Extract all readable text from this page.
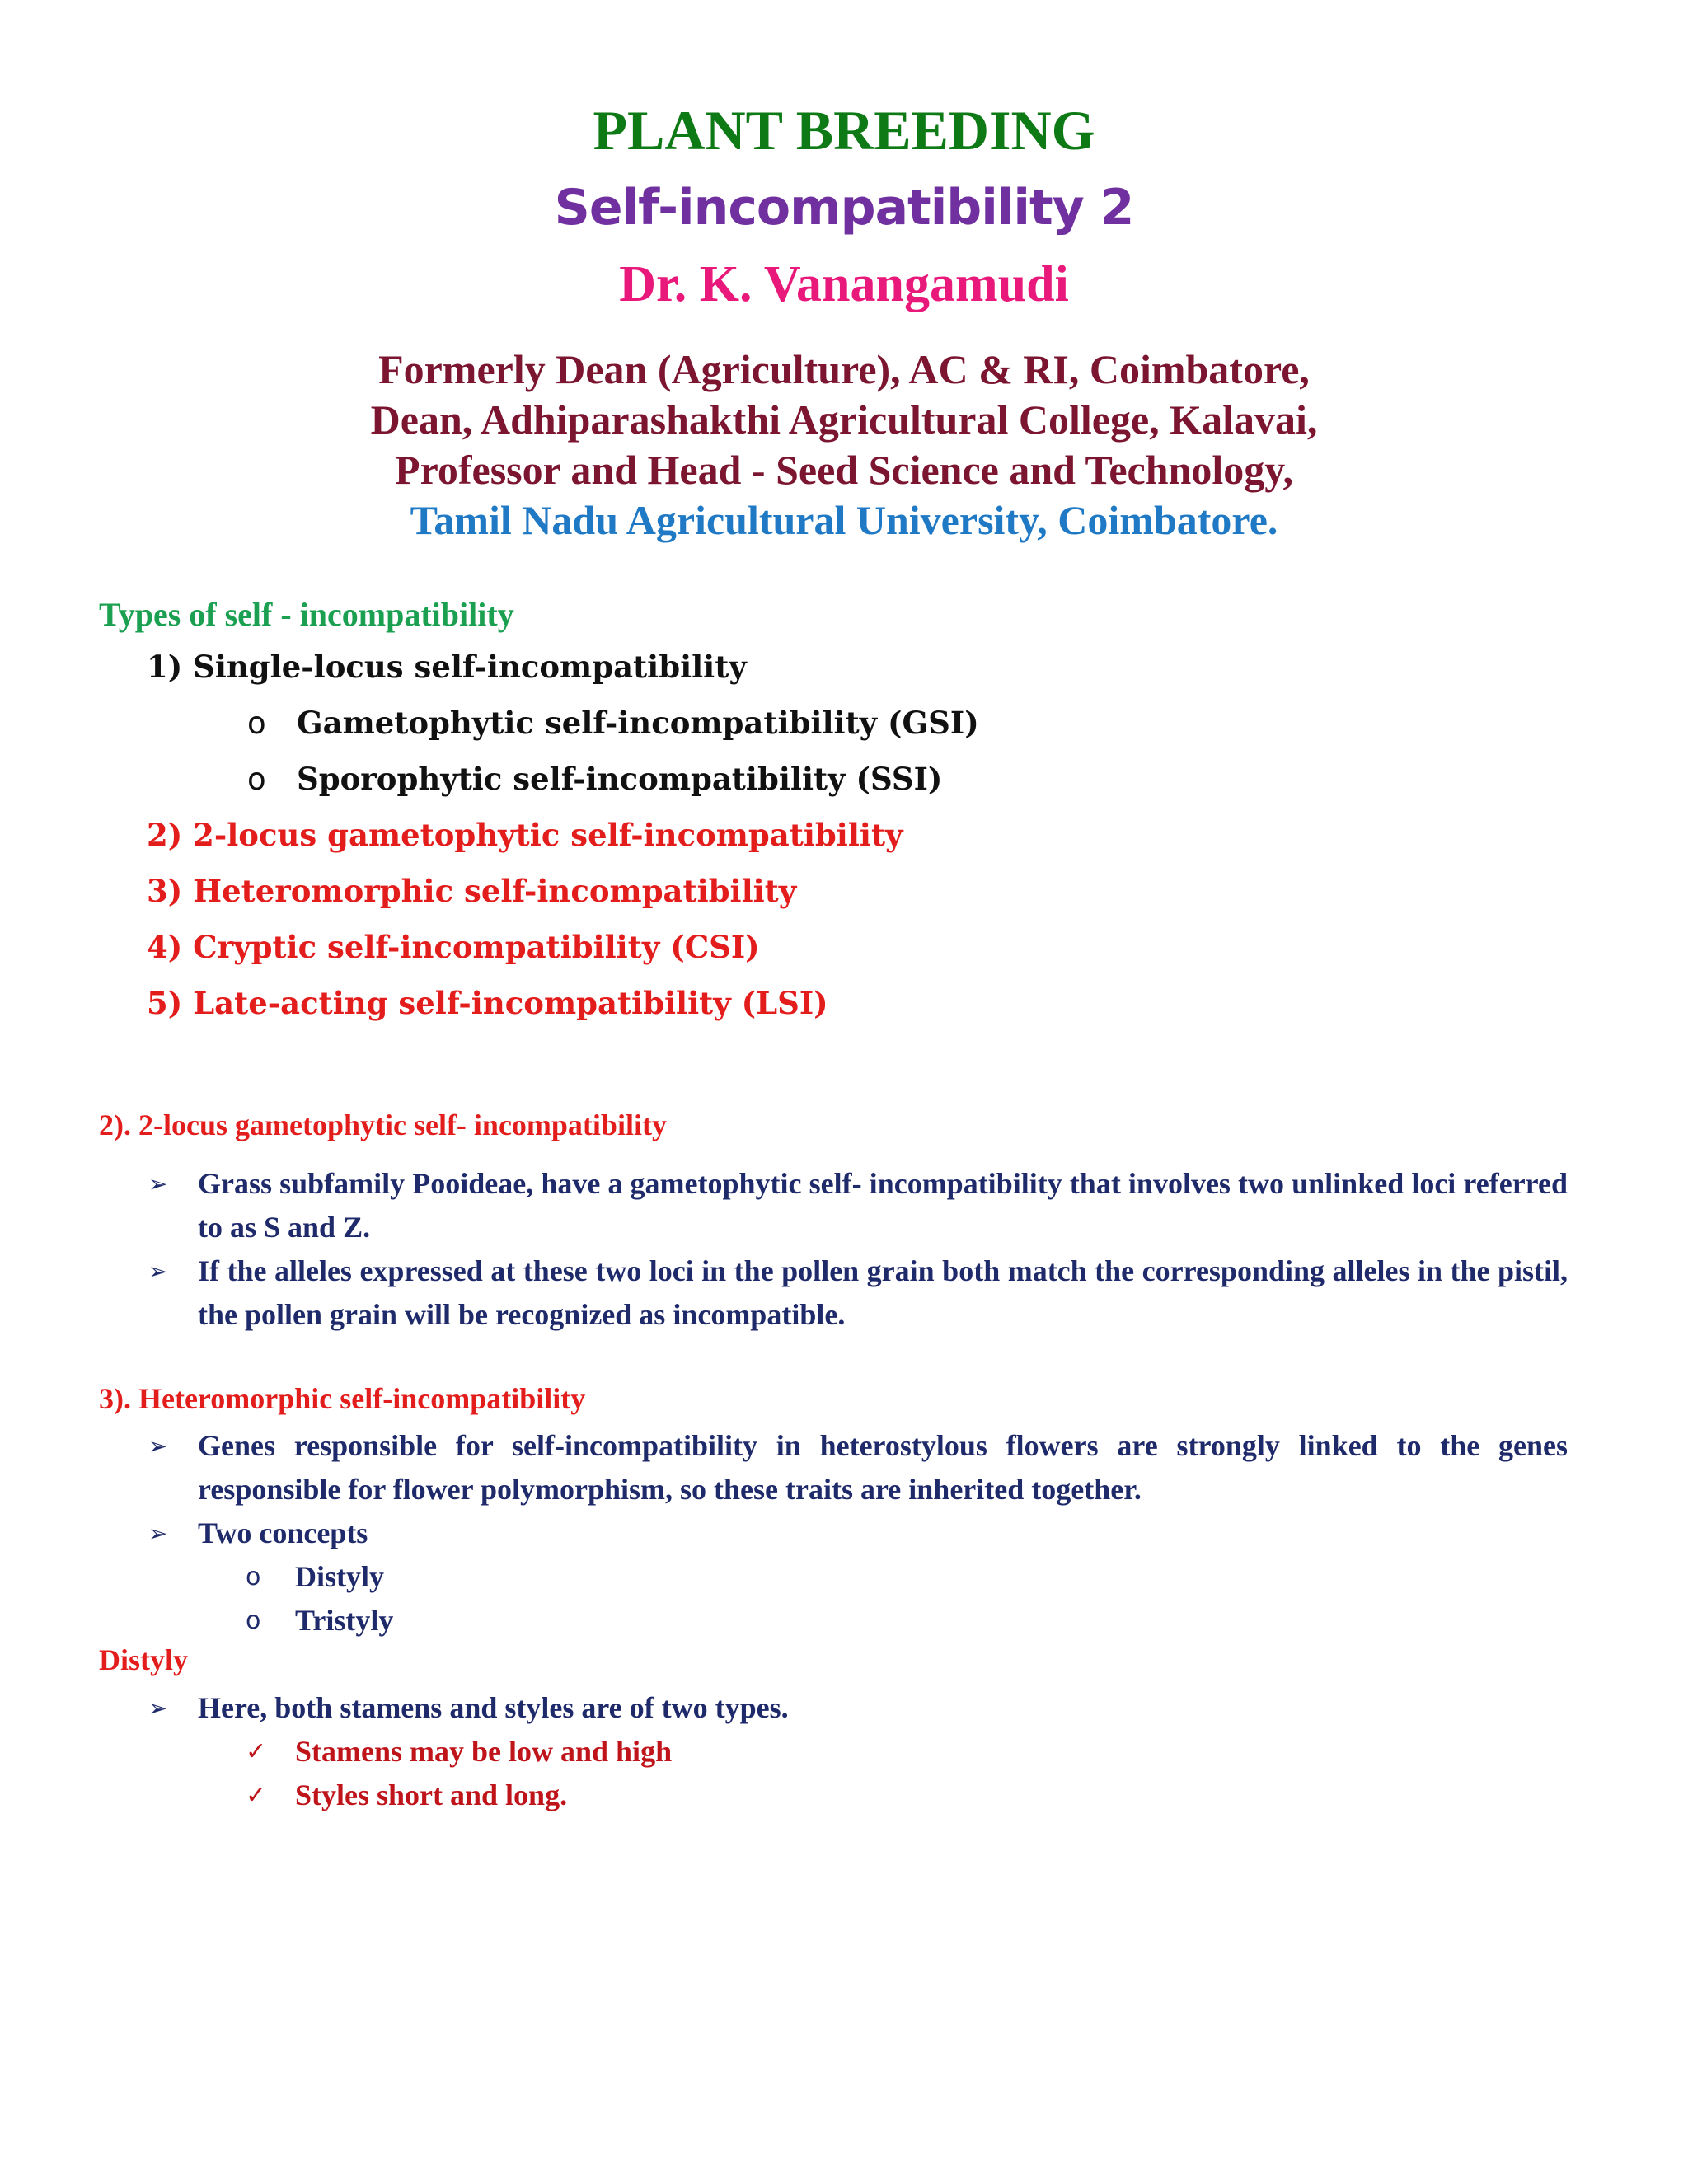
PLANT BREEDING
Self-incompatibility 2
Dr. K. Vanangamudi
Formerly Dean (Agriculture), AC & RI, Coimbatore,
Dean, Adhiparashakthi Agricultural College, Kalavai,
Professor and Head - Seed Science and Technology,
Tamil Nadu Agricultural University, Coimbatore.
Types of self - incompatibility
1) Single-locus self-incompatibility
o Gametophytic self-incompatibility (GSI)
o Sporophytic self-incompatibility (SSI)
2) 2-locus gametophytic self-incompatibility
3) Heteromorphic self-incompatibility
4) Cryptic self-incompatibility (CSI)
5) Late-acting self-incompatibility (LSI)
2). 2-locus gametophytic self- incompatibility

➢ Grass subfamily Pooideae, have a gametophytic self- incompatibility that involves two unlinked loci referred to as S and Z.

➢ If the alleles expressed at these two loci in the pollen grain both match the corresponding alleles in the pistil, the pollen grain will be recognized as incompatible.

3). Heteromorphic self-incompatibility

➢ Genes responsible for self-incompatibility in heterostylous flowers are strongly linked to the genes responsible for flower polymorphism, so these traits are inherited together.

➢ Two concepts

o Distyly
o Tristyly
Distyly

➢ Here, both stamens and styles are of two types.

✓ Stamens may be low and high
✓ Styles short and long.
